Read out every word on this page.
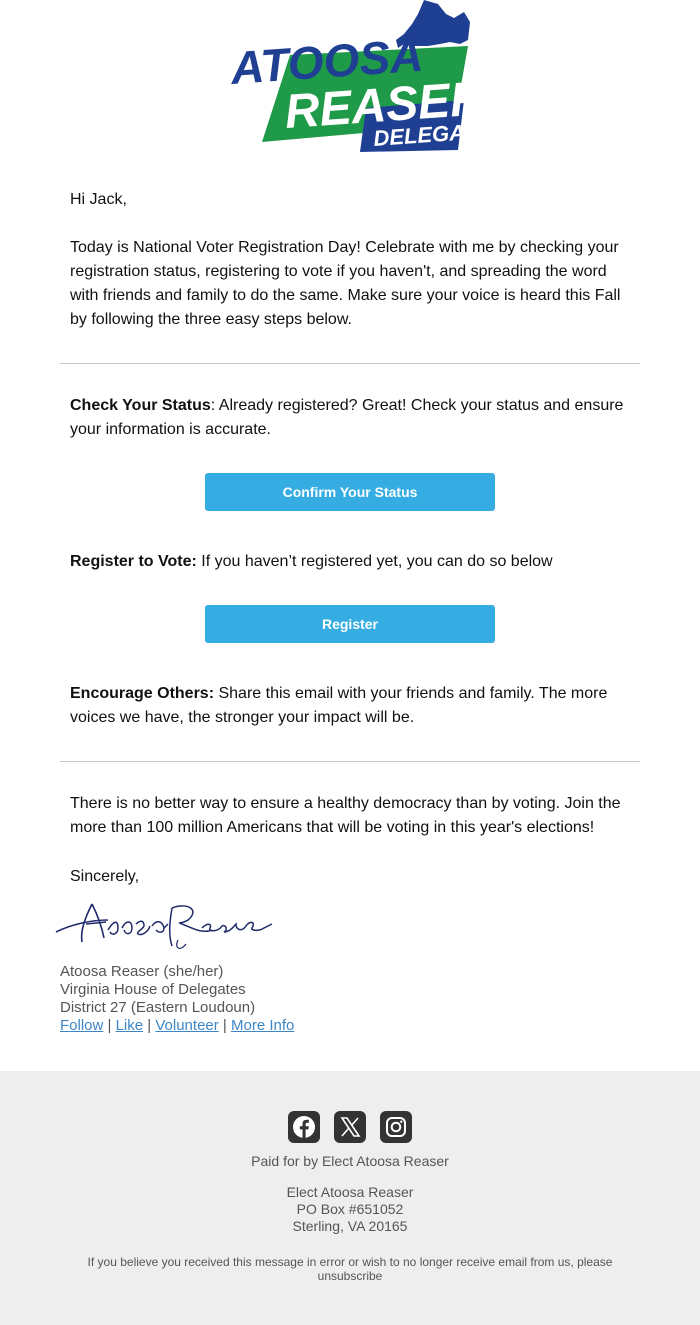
ATOOSA
REASER
DELEGATE
Hi Jack,
Today is National Voter Registration Day! Celebrate with me by checking your registration status, registering to vote if you haven't, and spreading the word with friends and family to do the same. Make sure your voice is heard this Fall by following the three easy steps below.
Check Your Status: Already registered? Great! Check your status and ensure your information is accurate.
Confirm Your Status
Register to Vote: If you haven’t registered yet, you can do so below
Register
Encourage Others: Share this email with your friends and family. The more voices we have, the stronger your impact will be.
There is no better way to ensure a healthy democracy than by voting. Join the more than 100 million Americans that will be voting in this year's elections!
Sincerely,
Atoosa Reaser (she/her)
Virginia House of Delegates
District 27 (Eastern Loudoun)
Follow | Like | Volunteer | More Info
Paid for by Elect Atoosa Reaser
Elect Atoosa Reaser
PO Box #651052
Sterling, VA 20165
If you believe you received this message in error or wish to no longer receive email from us, please
unsubscribe
